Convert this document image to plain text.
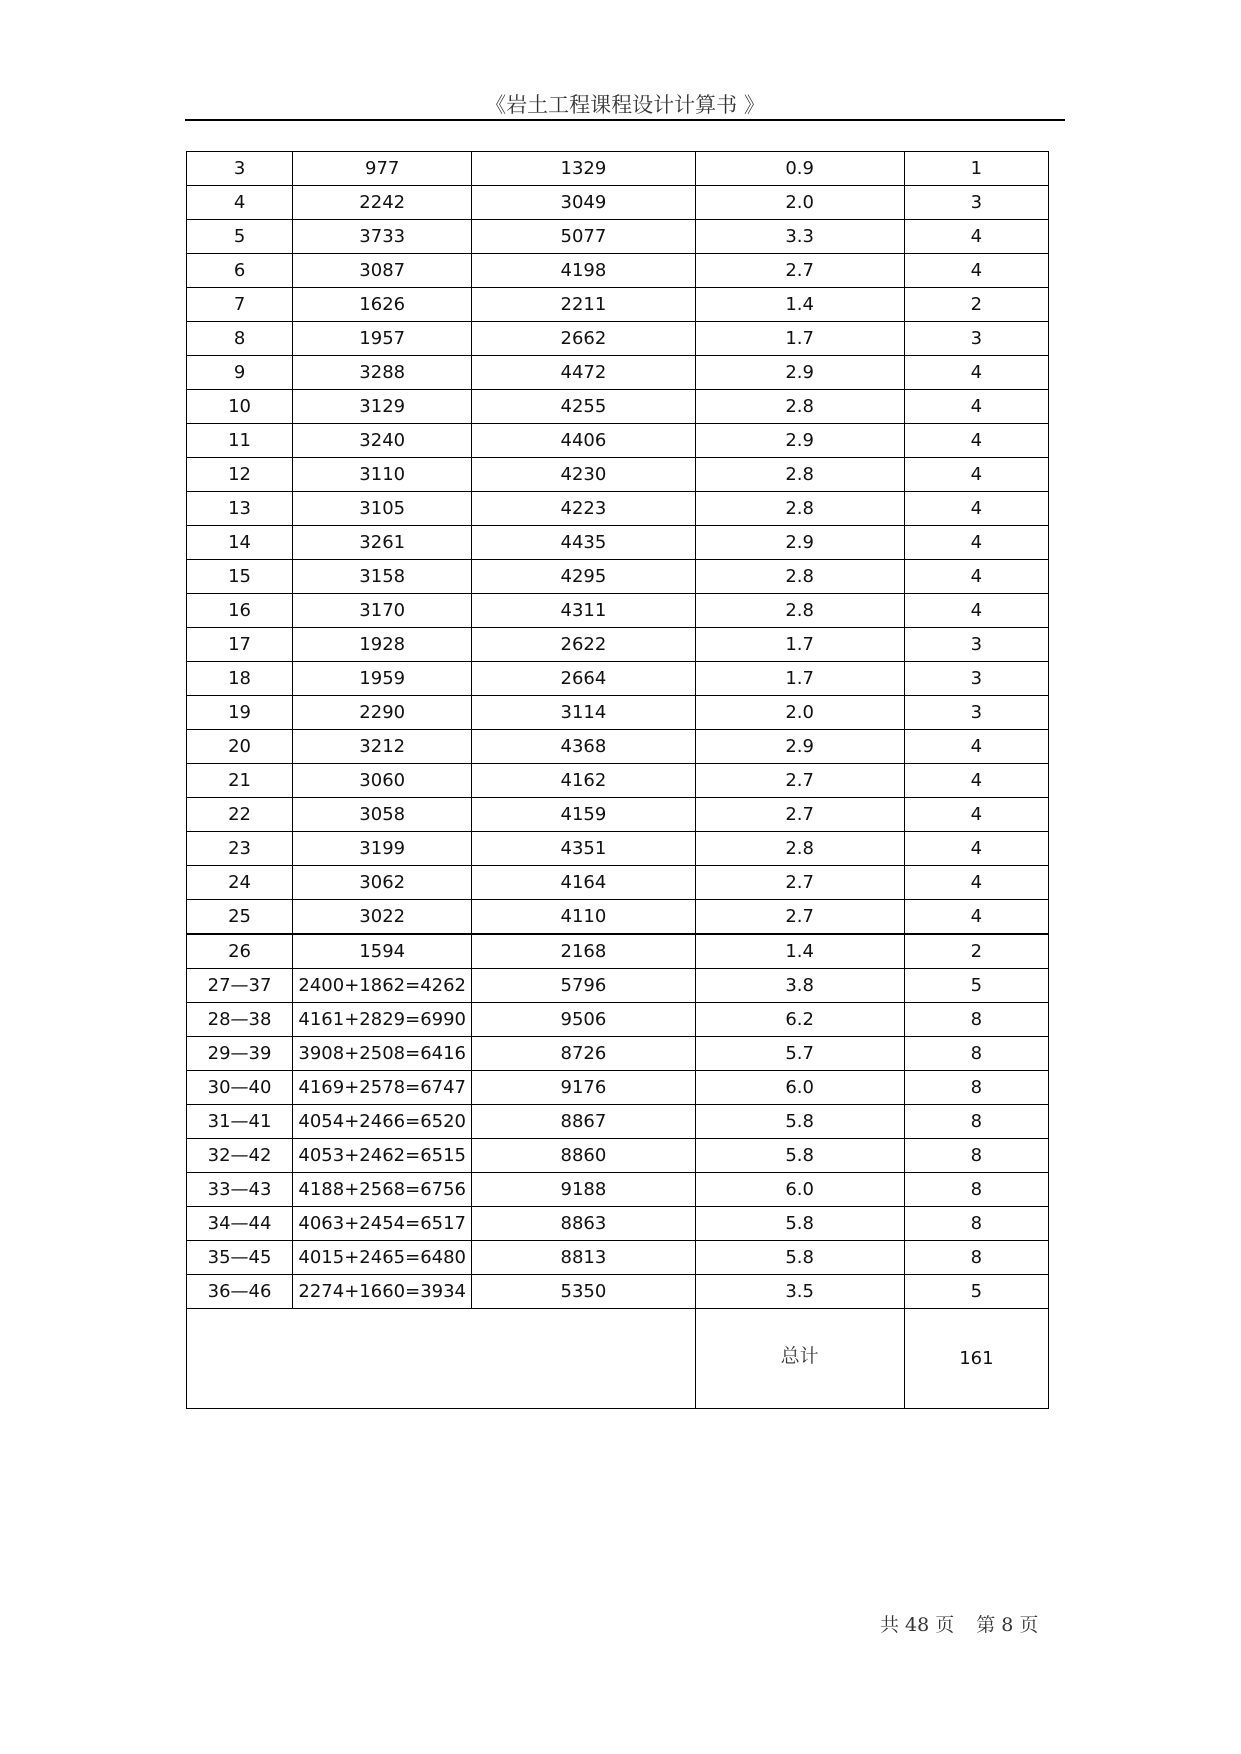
《岩土工程课程设计计算书 》
3	977	1329	0.9	1
4	2242	3049	2.0	3
5	3733	5077	3.3	4
6	3087	4198	2.7	4
7	1626	2211	1.4	2
8	1957	2662	1.7	3
9	3288	4472	2.9	4
10	3129	4255	2.8	4
11	3240	4406	2.9	4
12	3110	4230	2.8	4
13	3105	4223	2.8	4
14	3261	4435	2.9	4
15	3158	4295	2.8	4
16	3170	4311	2.8	4
17	1928	2622	1.7	3
18	1959	2664	1.7	3
19	2290	3114	2.0	3
20	3212	4368	2.9	4
21	3060	4162	2.7	4
22	3058	4159	2.7	4
23	3199	4351	2.8	4
24	3062	4164	2.7	4
25	3022	4110	2.7	4
26	1594	2168	1.4	2
27—37	2400+1862=4262	5796	3.8	5
28—38	4161+2829=6990	9506	6.2	8
29—39	3908+2508=6416	8726	5.7	8
30—40	4169+2578=6747	9176	6.0	8
31—41	4054+2466=6520	8867	5.8	8
32—42	4053+2462=6515	8860	5.8	8
33—43	4188+2568=6756	9188	6.0	8
34—44	4063+2454=6517	8863	5.8	8
35—45	4015+2465=6480	8813	5.8	8
36—46	2274+1660=3934	5350	3.5	5
			总计	161
共 48 页 第 8 页
